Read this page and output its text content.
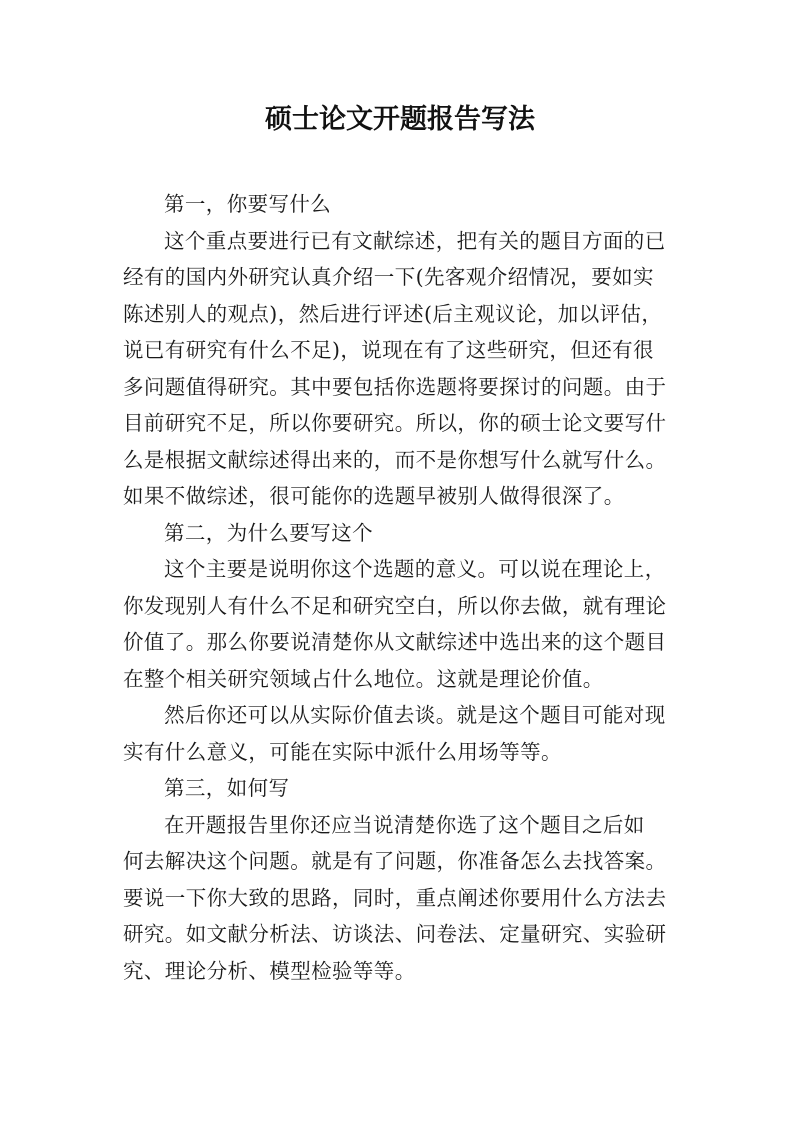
硕士论文开题报告写法

第一，你要写什么

这个重点要进行已有文献综述，把有关的题目方面的已
经有的国内外研究认真介绍一下(先客观介绍情况，要如实
陈述别人的观点)，然后进行评述(后主观议论，加以评估，
说已有研究有什么不足)，说现在有了这些研究，但还有很
多问题值得研究。其中要包括你选题将要探讨的问题。由于
目前研究不足，所以你要研究。所以，你的硕士论文要写什
么是根据文献综述得出来的，而不是你想写什么就写什么。
如果不做综述，很可能你的选题早被别人做得很深了。

第二，为什么要写这个

这个主要是说明你这个选题的意义。可以说在理论上，
你发现别人有什么不足和研究空白，所以你去做，就有理论
价值了。那么你要说清楚你从文献综述中选出来的这个题目
在整个相关研究领域占什么地位。这就是理论价值。

然后你还可以从实际价值去谈。就是这个题目可能对现
实有什么意义，可能在实际中派什么用场等等。

第三，如何写

在开题报告里你还应当说清楚你选了这个题目之后如
何去解决这个问题。就是有了问题，你准备怎么去找答案。
要说一下你大致的思路，同时，重点阐述你要用什么方法去
研究。如文献分析法、访谈法、问卷法、定量研究、实验研
究、理论分析、模型检验等等。
